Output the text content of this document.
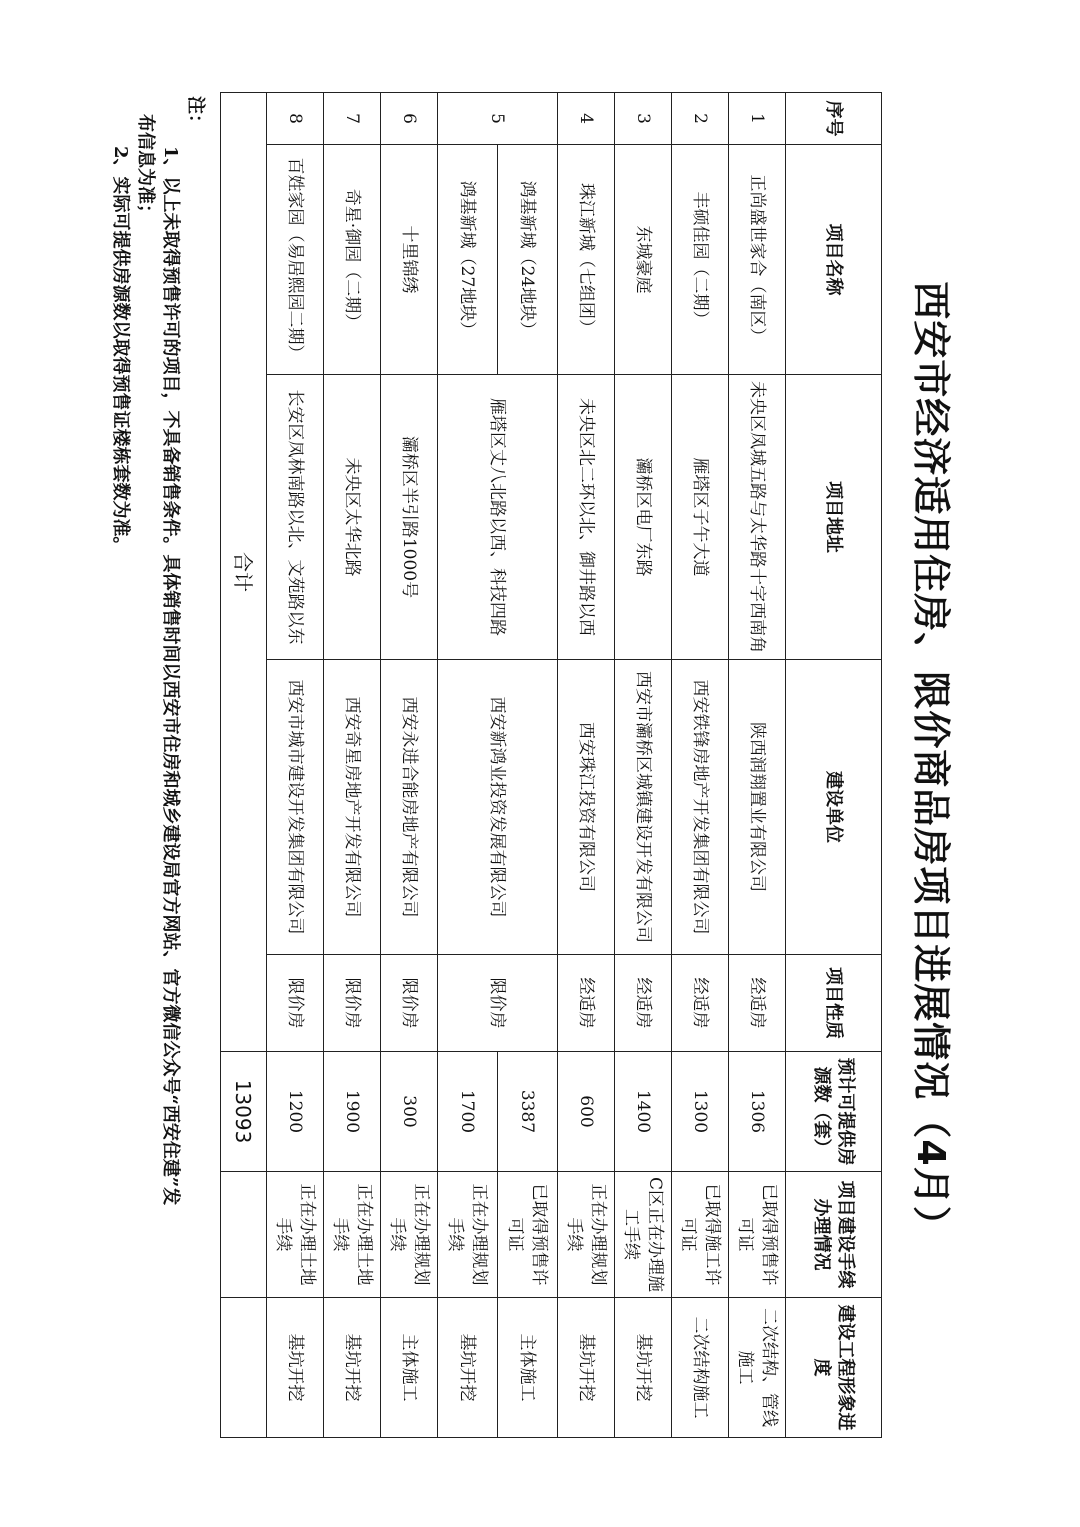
西安市经济适用住房、限价商品房项目进展情况（4月）
序号	项目名称	项目地址	建设单位	项目性质	预计可提供房源数（套）	项目建设手续办理情况	建设工程形象进度
1	正尚盛世家合（南区）	未央区凤城五路与太华路十字西南角	陕西润翔置业有限公司	经适房	1306	已取得预售许可证	二次结构、管线施工
2	丰硕佳园（二期）	雁塔区子午大道	西安铁锋房地产开发集团有限公司	经适房	1300	已取得施工许可证	二次结构施工
3	东城豪庭	灞桥区电厂东路	西安市灞桥区城镇建设开发有限公司	经适房	1400	C区正在办理施工手续	基坑开挖
4	珠江新城（七组团）	未央区北二环以北、御井路以西	西安珠江投资有限公司	经适房	600	正在办理规划手续	基坑开挖
5	鸿基新城（24地块）	雁塔区丈八北路以西、科技四路	西安新鸿业投资发展有限公司	限价房	3387	已取得预售许可证	主体施工
	鸿基新城（27地块）				1700	正在办理规划手续	基坑开挖
6	十里锦绣	灞桥区半引路1000号	西安永进合能房地产有限公司	限价房	300	正在办理规划手续	主体施工
7	奇星·御园（二期）	未央区太华北路	西安奇星房地产开发有限公司	限价房	1900	正在办理土地手续	基坑开挖
8	百姓家园（易居熙园二期）	长安区凤林南路以北、文苑路以东	西安市城市建设开发集团有限公司	限价房	1200	正在办理土地手续	基坑开挖
合计					13093		
注：
1、以上未取得预售许可的项目，不具备销售条件。具体销售时间以西安市住房和城乡建设局官方网站、官方微信公众号“西安住建”发
布信息为准；
2、实际可提供房源数以取得预售证楼栋套数为准。
